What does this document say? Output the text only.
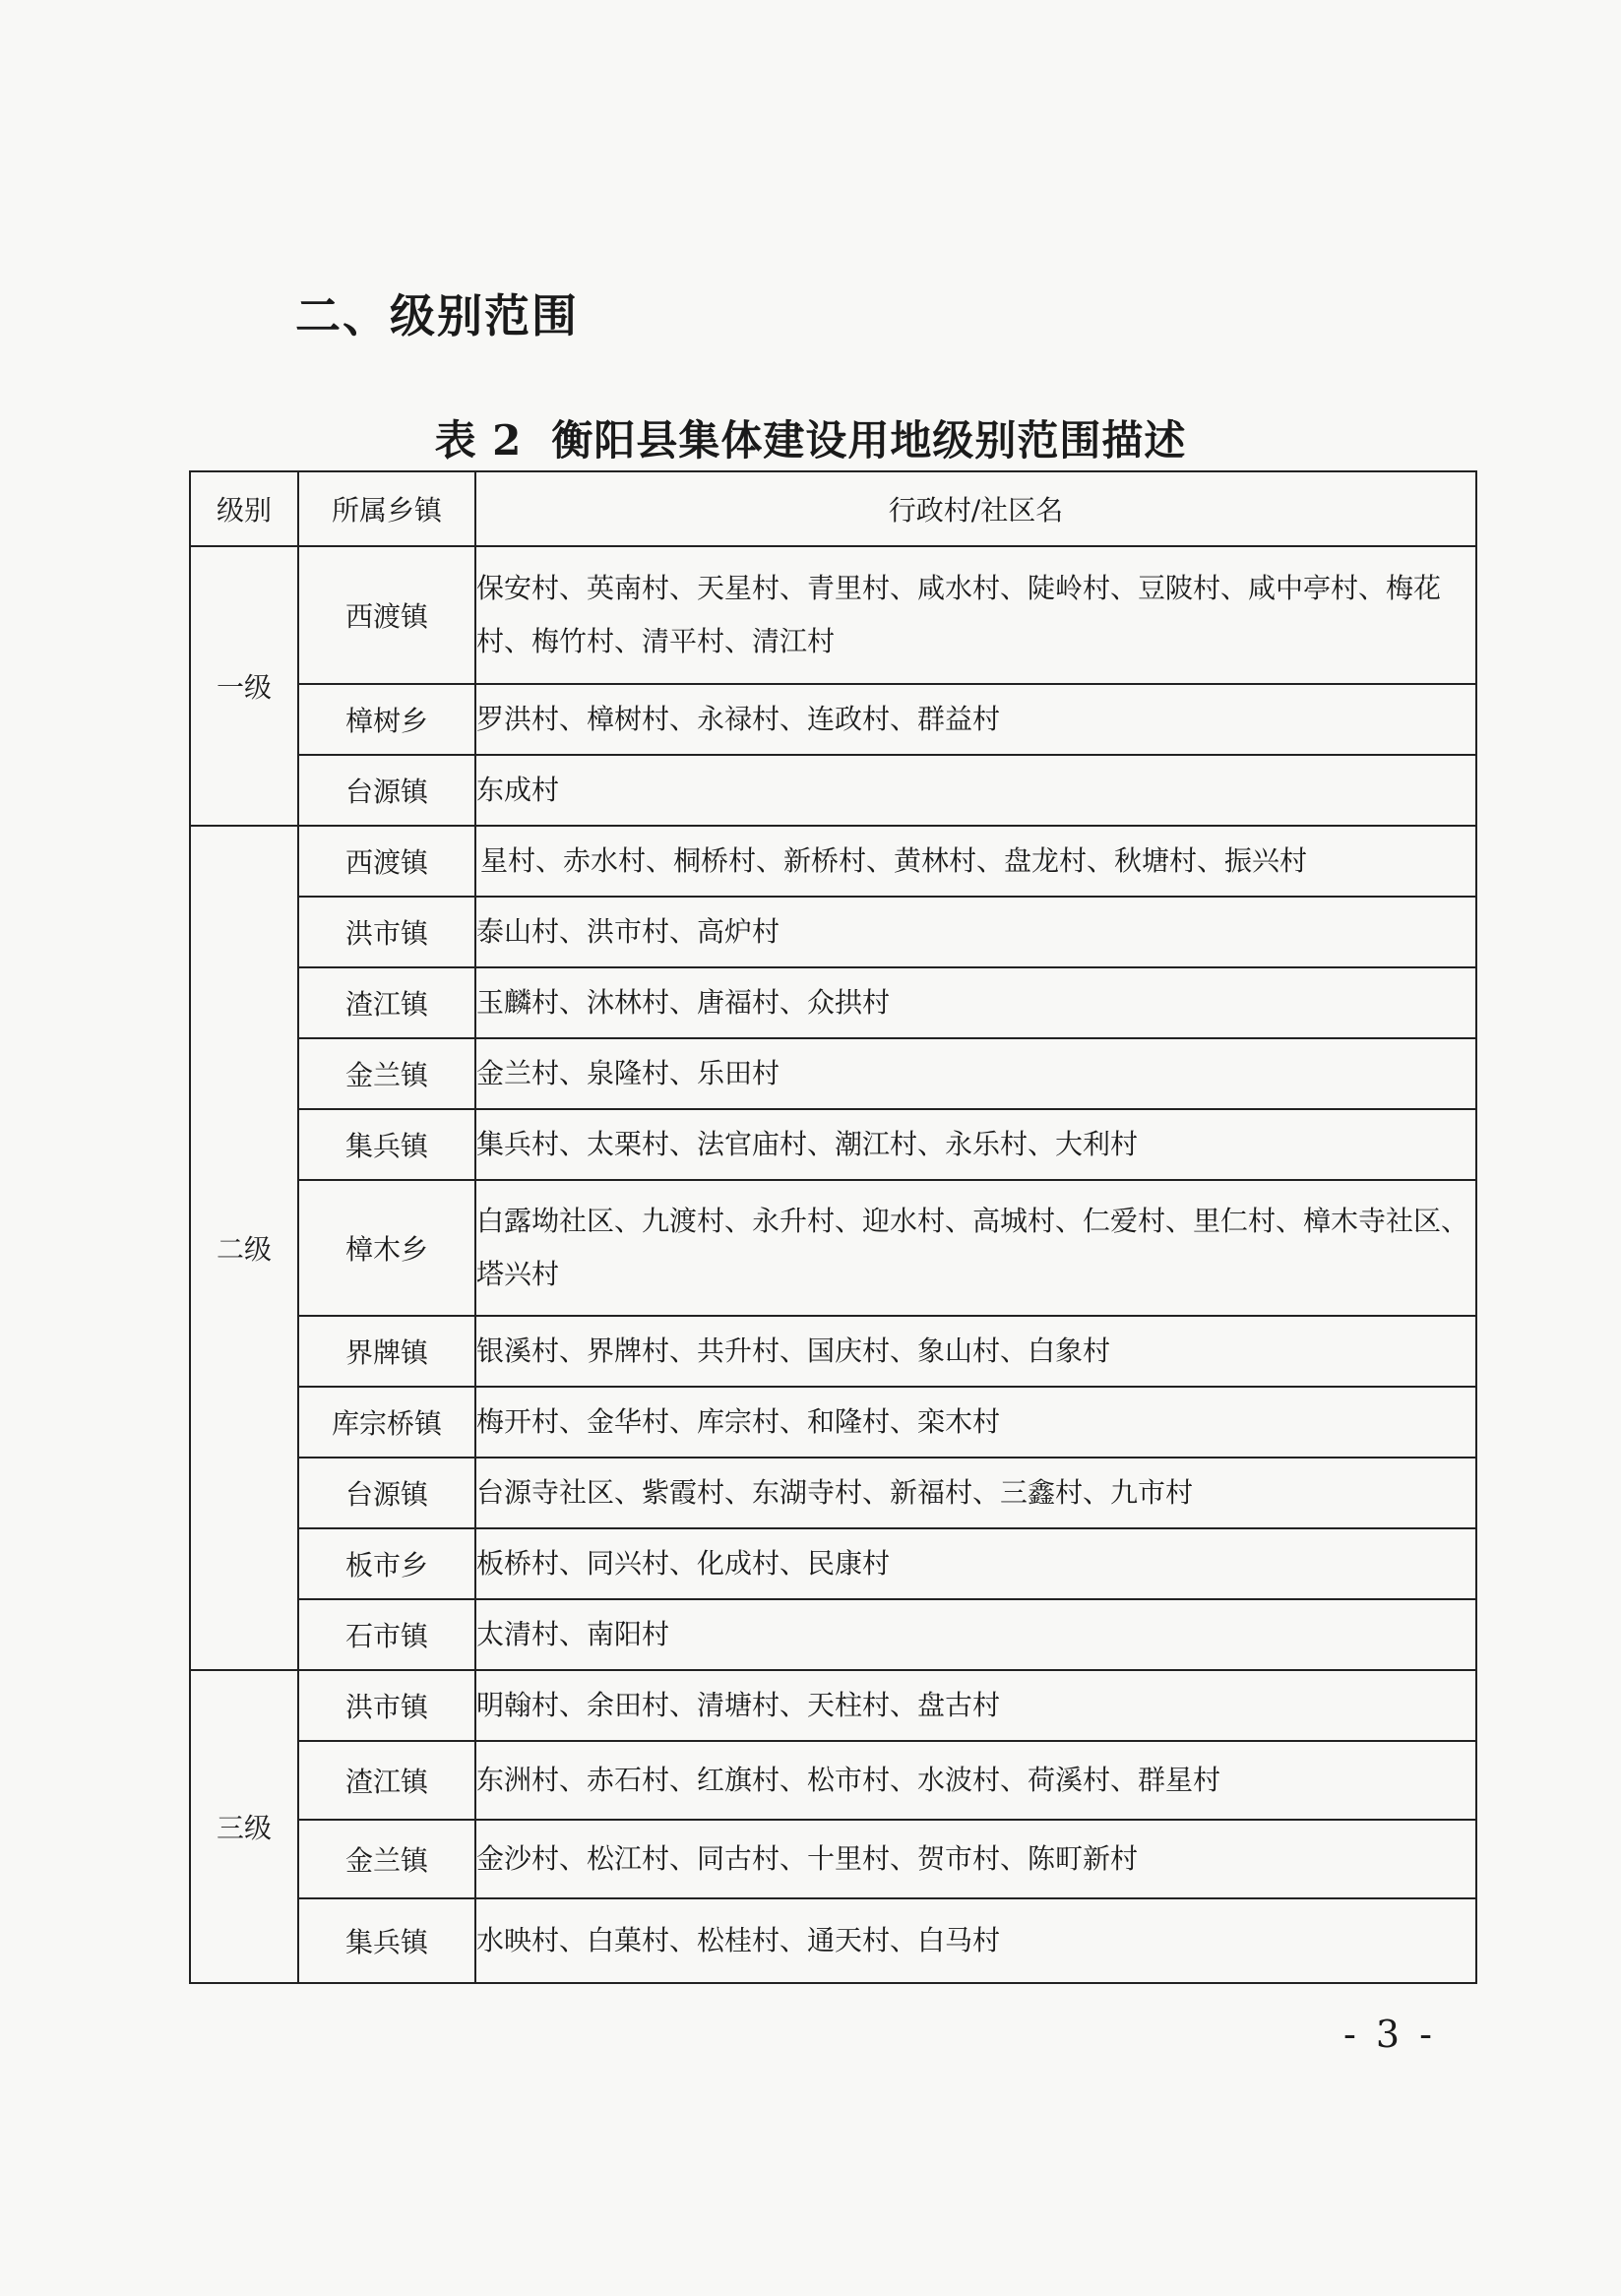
二、级别范围
表 2 衡阳县集体建设用地级别范围描述
级别	所属乡镇	行政村/社区名
一级	西渡镇	保安村、英南村、天星村、青里村、咸水村、陡岭村、豆陂村、咸中亭村、梅花村、梅竹村、清平村、清江村
	樟树乡	罗洪村、樟树村、永禄村、连政村、群益村
	台源镇	东成村
二级	西渡镇	星村、赤水村、桐桥村、新桥村、黄林村、盘龙村、秋塘村、振兴村
	洪市镇	泰山村、洪市村、高炉村
	渣江镇	玉麟村、沐林村、唐福村、众拱村
	金兰镇	金兰村、泉隆村、乐田村
	集兵镇	集兵村、太栗村、法官庙村、潮江村、永乐村、大利村
	樟木乡	白露坳社区、九渡村、永升村、迎水村、高城村、仁爱村、里仁村、樟木寺社区、塔兴村
	界牌镇	银溪村、界牌村、共升村、国庆村、象山村、白象村
	库宗桥镇	梅开村、金华村、库宗村、和隆村、栾木村
	台源镇	台源寺社区、紫霞村、东湖寺村、新福村、三鑫村、九市村
	板市乡	板桥村、同兴村、化成村、民康村
	石市镇	太清村、南阳村
三级	洪市镇	明翰村、余田村、清塘村、天柱村、盘古村
	渣江镇	东洲村、赤石村、红旗村、松市村、水波村、荷溪村、群星村
	金兰镇	金沙村、松江村、同古村、十里村、贺市村、陈町新村
	集兵镇	水映村、白菓村、松桂村、通天村、白马村
- 3 -
